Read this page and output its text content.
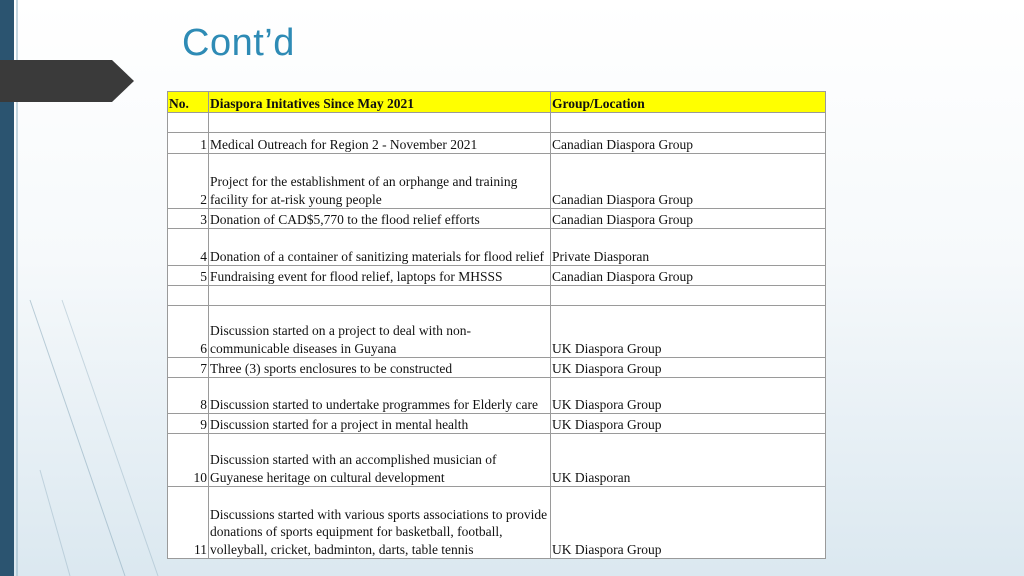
Cont’d
No.	Diaspora Initatives Since May 2021	Group/Location

1	Medical Outreach for Region 2 - November 2021	Canadian Diaspora Group
2	Project for the establishment of an orphange and training facility for at-risk young people	Canadian Diaspora Group
3	Donation of CAD$5,770 to the flood relief efforts	Canadian Diaspora Group
4	Donation of a container of sanitizing materials for flood relief	Private Diasporan
5	Fundraising event for flood relief, laptops for MHSSS	Canadian Diaspora Group

6	Discussion started on a project to deal with non-communicable diseases in Guyana	UK Diaspora Group
7	Three (3) sports enclosures to be constructed	UK Diaspora Group
8	Discussion started to undertake programmes for Elderly care	UK Diaspora Group
9	Discussion started for a project in mental health	UK Diaspora Group
10	Discussion started with an accomplished musician of Guyanese heritage on cultural development	UK Diasporan
11	Discussions started with various sports associations to provide donations of sports equipment for basketball, football, volleyball, cricket, badminton, darts, table tennis	UK Diaspora Group
